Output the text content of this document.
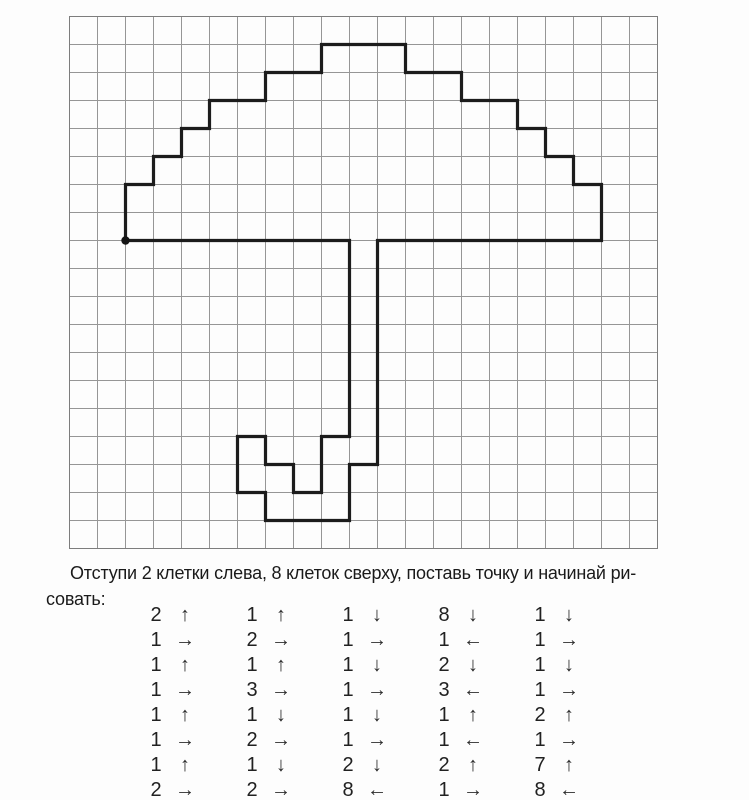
Отступи 2 клетки слева, 8 клеток сверху, поставь точку и начинай ри-
совать:
2 ↑
1 →
1 ↑
1 →
1 ↑
1 →
1 ↑
2 →
1 ↑
2 →
1 ↑
3 →
1 ↓
2 →
1 ↓
2 →
1 ↓
1 →
1 ↓
1 →
1 ↓
1 →
2 ↓
8 ←
8 ↓
1 ←
2 ↓
3 ←
1 ↑
1 ←
2 ↑
1 →
1 ↓
1 →
1 ↓
1 →
2 ↑
1 →
7 ↑
8 ←
